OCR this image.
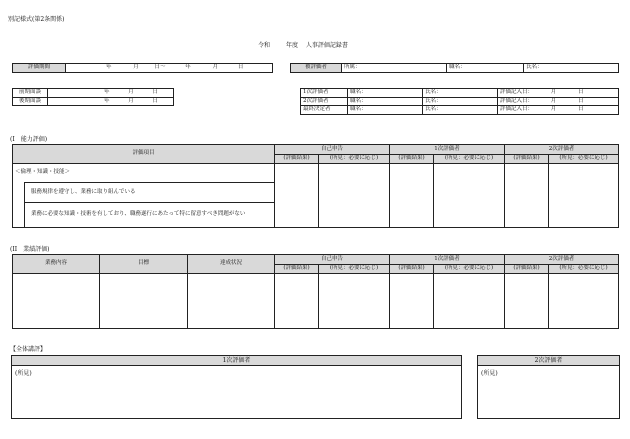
別記様式(第2条関係)
令和	年度 人事評価記録書
評価期間	年	月	日〜	年	月	日	被評価者	所属：	職名：	氏名：
前期面談	年 月 日
後期面談	年 月 日
1次評価者	職名：	氏名：	評価記入日： 月 日
2次評価者	職名：	氏名：	評価記入日： 月 日
最終決定者	職名：	氏名：	評価記入日： 月 日
(I　能力評価)
評価項目		自己申告		1次評価者		2次評価者	
		(評価結果)	(所見：必要に応じ)	(評価結果)	(所見：必要に応じ)	(評価結果)	(所見：必要に応じ)
＜倫理・知識・技能＞							
	服務規律を遵守し、業務に取り組んでいる						
	業務に必要な知識・技術を有しており、職務遂行にあたって特に留意すべき問題がない						
(II　業績評価)
業務内容	目標	達成状況	自己申告		1次評価者		2次評価者	
			(評価結果)	(所見：必要に応じ)	(評価結果)	(所見：必要に応じ)	(評価結果)	(所見：必要に応じ)

【全体講評】
1次評価者
(所見)
2次評価者
(所見)
